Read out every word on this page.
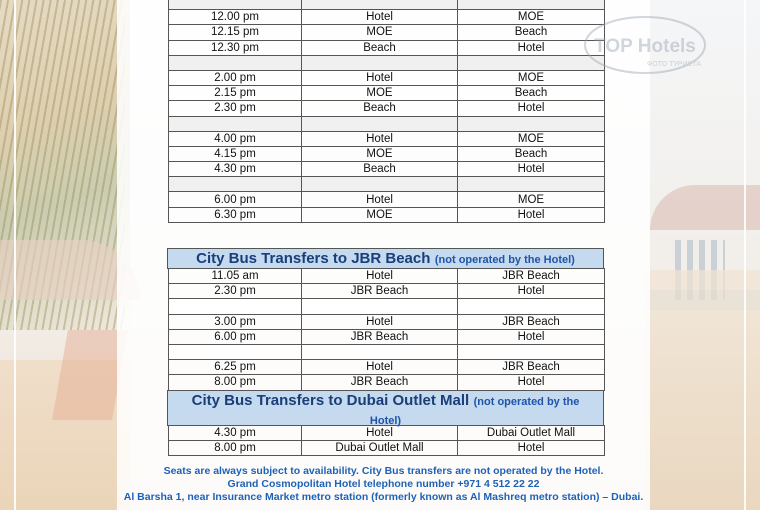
12.00 pm	Hotel	MOE
12.15 pm	MOE	Beach
12.30 pm	Beach	Hotel

2.00 pm	Hotel	MOE
2.15 pm	MOE	Beach
2.30 pm	Beach	Hotel

4.00 pm	Hotel	MOE
4.15 pm	MOE	Beach
4.30 pm	Beach	Hotel

6.00 pm	Hotel	MOE
6.30 pm	MOE	Hotel
City Bus Transfers to JBR Beach (not operated by the Hotel)
11.05 am	Hotel	JBR Beach
2.30 pm	JBR Beach	Hotel

3.00 pm	Hotel	JBR Beach
6.00 pm	JBR Beach	Hotel

6.25 pm	Hotel	JBR Beach
8.00 pm	JBR Beach	Hotel
City Bus Transfers to Dubai Outlet Mall (not operated by the
Hotel)
4.30 pm	Hotel	Dubai Outlet Mall
8.00 pm	Dubai Outlet Mall	Hotel
Seats are always subject to availability. City Bus transfers are not operated by the Hotel.
Grand Cosmopolitan Hotel telephone number +971 4 512 22 22
Al Barsha 1, near Insurance Market metro station (formerly known as Al Mashreq metro station) – Dubai.
TOP Hotels
ФОТО ТУРИСТА
